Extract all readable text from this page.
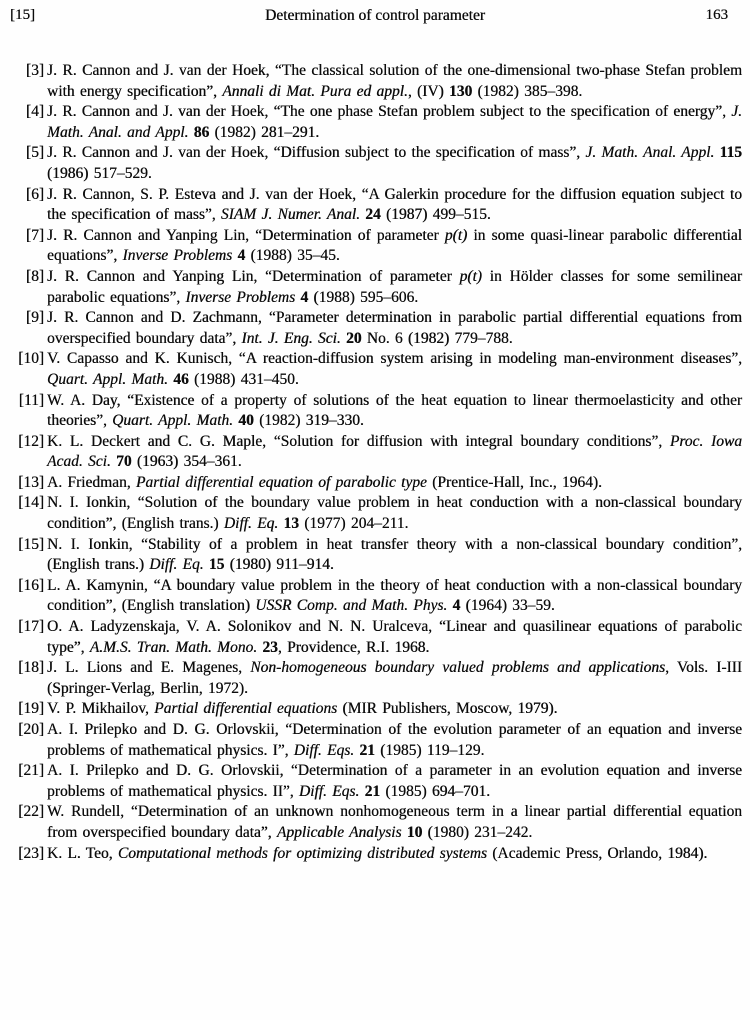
[15]	Determination of control parameter	163
[3] J. R. Cannon and J. van der Hoek, “The classical solution of the one-dimensional two-phase Stefan problem with energy specification”, Annali di Mat. Pura ed appl., (IV) 130 (1982) 385–398.
[4] J. R. Cannon and J. van der Hoek, “The one phase Stefan problem subject to the specification of energy”, J. Math. Anal. and Appl. 86 (1982) 281–291.
[5] J. R. Cannon and J. van der Hoek, “Diffusion subject to the specification of mass”, J. Math. Anal. Appl. 115 (1986) 517–529.
[6] J. R. Cannon, S. P. Esteva and J. van der Hoek, “A Galerkin procedure for the diffusion equation subject to the specification of mass”, SIAM J. Numer. Anal. 24 (1987) 499–515.
[7] J. R. Cannon and Yanping Lin, “Determination of parameter p(t) in some quasi-linear parabolic differential equations”, Inverse Problems 4 (1988) 35–45.
[8] J. R. Cannon and Yanping Lin, “Determination of parameter p(t) in Hölder classes for some semilinear parabolic equations”, Inverse Problems 4 (1988) 595–606.
[9] J. R. Cannon and D. Zachmann, “Parameter determination in parabolic partial differential equations from overspecified boundary data”, Int. J. Eng. Sci. 20 No. 6 (1982) 779–788.
[10] V. Capasso and K. Kunisch, “A reaction-diffusion system arising in modeling man-environment diseases”, Quart. Appl. Math. 46 (1988) 431–450.
[11] W. A. Day, “Existence of a property of solutions of the heat equation to linear thermoelasticity and other theories”, Quart. Appl. Math. 40 (1982) 319–330.
[12] K. L. Deckert and C. G. Maple, “Solution for diffusion with integral boundary conditions”, Proc. Iowa Acad. Sci. 70 (1963) 354–361.
[13] A. Friedman, Partial differential equation of parabolic type (Prentice-Hall, Inc., 1964).
[14] N. I. Ionkin, “Solution of the boundary value problem in heat conduction with a non-classical boundary condition”, (English trans.) Diff. Eq. 13 (1977) 204–211.
[15] N. I. Ionkin, “Stability of a problem in heat transfer theory with a non-classical boundary condition”, (English trans.) Diff. Eq. 15 (1980) 911–914.
[16] L. A. Kamynin, “A boundary value problem in the theory of heat conduction with a non-classical boundary condition”, (English translation) USSR Comp. and Math. Phys. 4 (1964) 33–59.
[17] O. A. Ladyzenskaja, V. A. Solonikov and N. N. Uralceva, “Linear and quasilinear equations of parabolic type”, A.M.S. Tran. Math. Mono. 23, Providence, R.I. 1968.
[18] J. L. Lions and E. Magenes, Non-homogeneous boundary valued problems and applications, Vols. I-III (Springer-Verlag, Berlin, 1972).
[19] V. P. Mikhailov, Partial differential equations (MIR Publishers, Moscow, 1979).
[20] A. I. Prilepko and D. G. Orlovskii, “Determination of the evolution parameter of an equation and inverse problems of mathematical physics. I”, Diff. Eqs. 21 (1985) 119–129.
[21] A. I. Prilepko and D. G. Orlovskii, “Determination of a parameter in an evolution equation and inverse problems of mathematical physics. II”, Diff. Eqs. 21 (1985) 694–701.
[22] W. Rundell, “Determination of an unknown nonhomogeneous term in a linear partial differential equation from overspecified boundary data”, Applicable Analysis 10 (1980) 231–242.
[23] K. L. Teo, Computational methods for optimizing distributed systems (Academic Press, Orlando, 1984).
